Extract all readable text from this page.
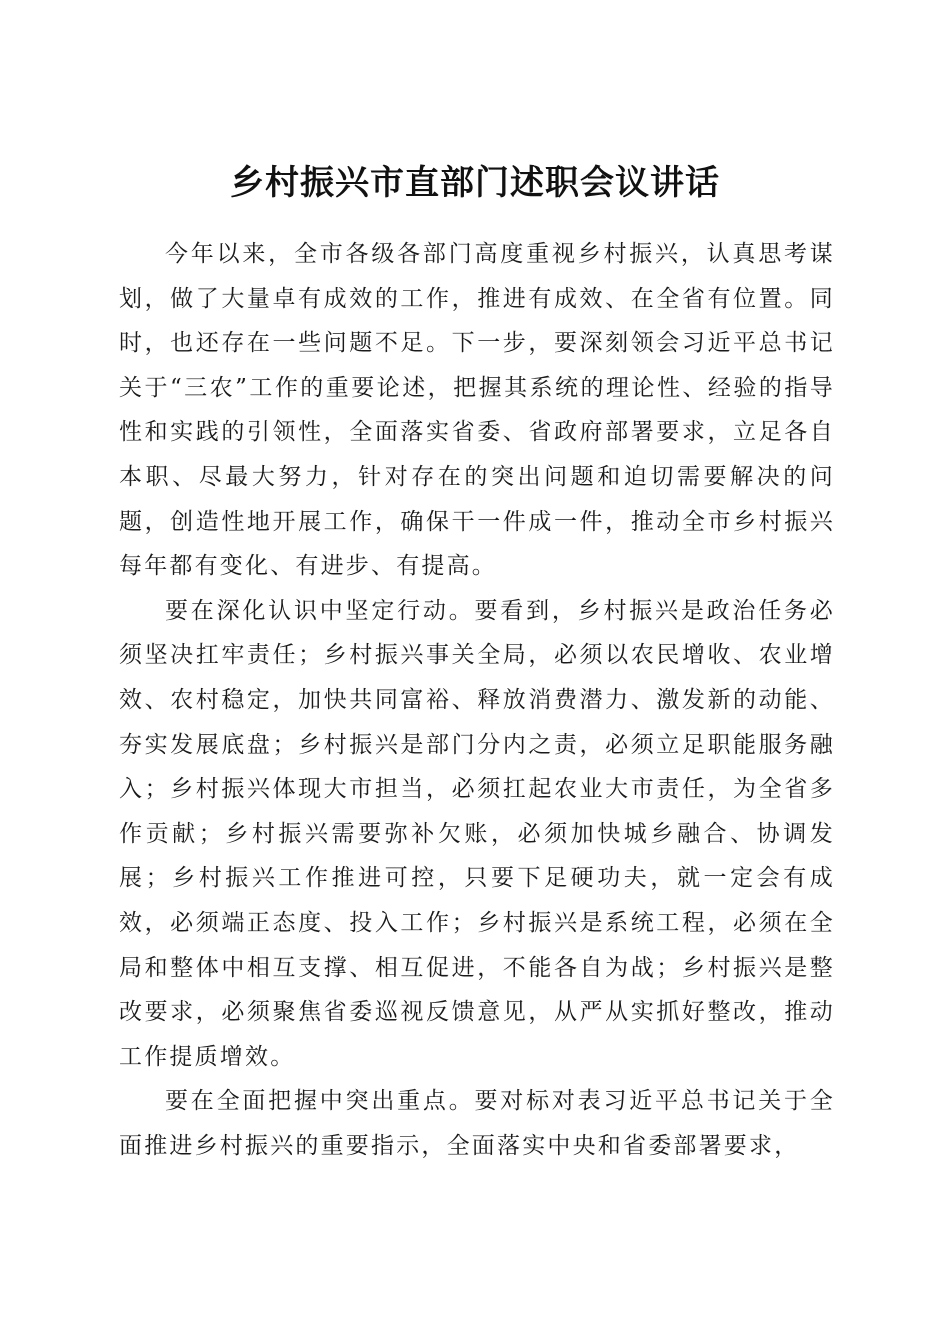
乡村振兴市直部门述职会议讲话

今年以来，全市各级各部门高度重视乡村振兴，认真思考谋划，做了大量卓有成效的工作，推进有成效、在全省有位置。同时，也还存在一些问题不足。下一步，要深刻领会习近平总书记关于“三农”工作的重要论述，把握其系统的理论性、经验的指导性和实践的引领性，全面落实省委、省政府部署要求，立足各自本职、尽最大努力，针对存在的突出问题和迫切需要解决的问题，创造性地开展工作，确保干一件成一件，推动全市乡村振兴每年都有变化、有进步、有提高。

要在深化认识中坚定行动。要看到，乡村振兴是政治任务必须坚决扛牢责任；乡村振兴事关全局，必须以农民增收、农业增效、农村稳定，加快共同富裕、释放消费潜力、激发新的动能、夯实发展底盘；乡村振兴是部门分内之责，必须立足职能服务融入；乡村振兴体现大市担当，必须扛起农业大市责任，为全省多作贡献；乡村振兴需要弥补欠账，必须加快城乡融合、协调发展；乡村振兴工作推进可控，只要下足硬功夫，就一定会有成效，必须端正态度、投入工作；乡村振兴是系统工程，必须在全局和整体中相互支撑、相互促进，不能各自为战；乡村振兴是整改要求，必须聚焦省委巡视反馈意见，从严从实抓好整改，推动工作提质增效。

要在全面把握中突出重点。要对标对表习近平总书记关于全面推进乡村振兴的重要指示，全面落实中央和省委部署要求，
